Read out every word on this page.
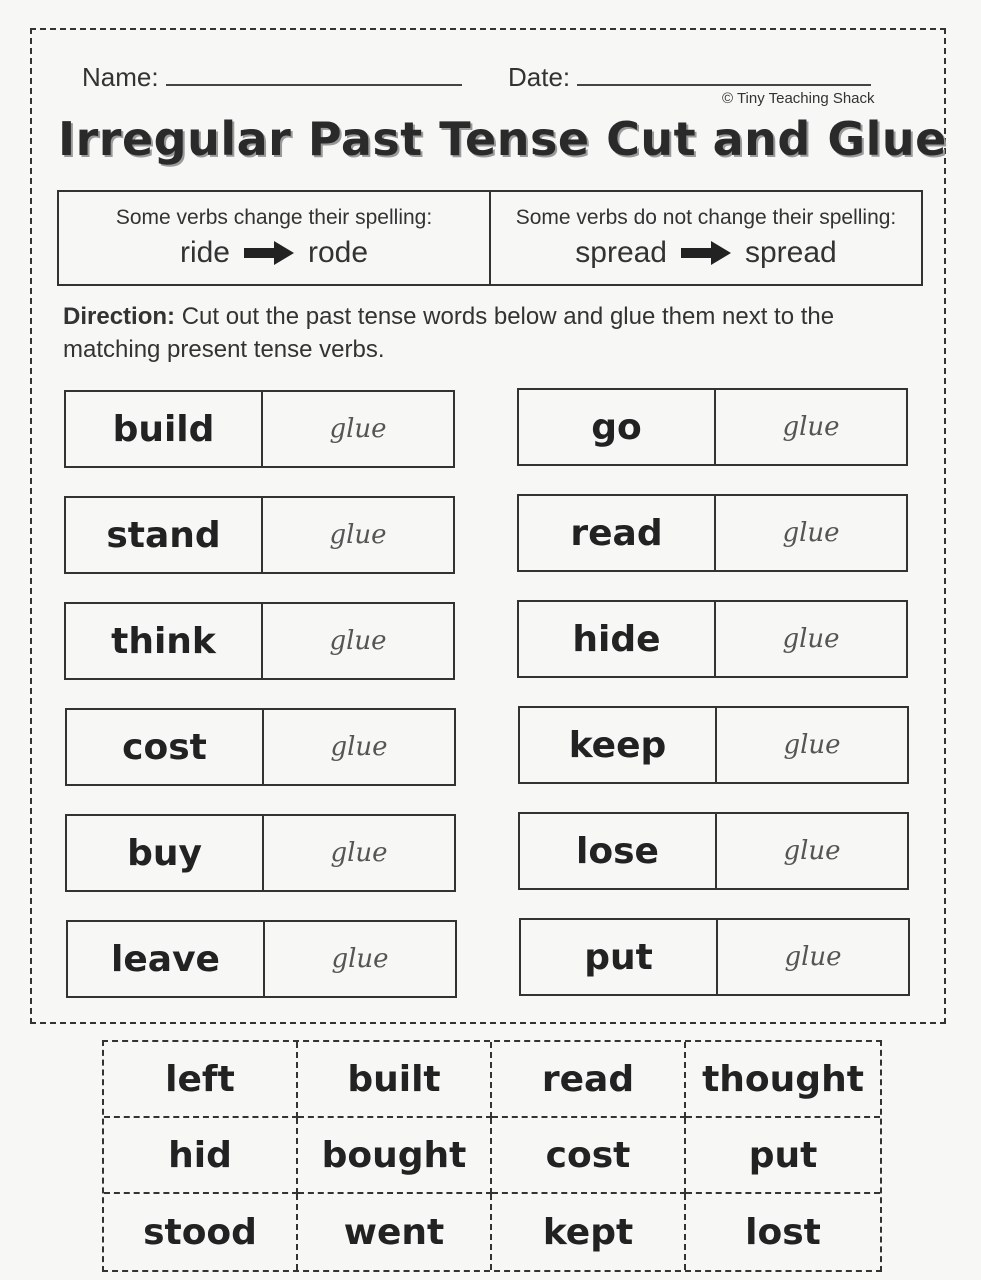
Name:	Date:
© Tiny Teaching Shack
Irregular Past Tense Cut and Glue
Some verbs change their spelling:
ride	rode
Some verbs do not change their spelling:
spread	spread
Direction: Cut out the past tense words below and glue them next to the matching present tense verbs.
build	glue
stand	glue
think	glue
cost	glue
buy	glue
leave	glue
go	glue
read	glue
hide	glue
keep	glue
lose	glue
put	glue
left	built	read	thought
hid	bought	cost	put
stood	went	kept	lost
